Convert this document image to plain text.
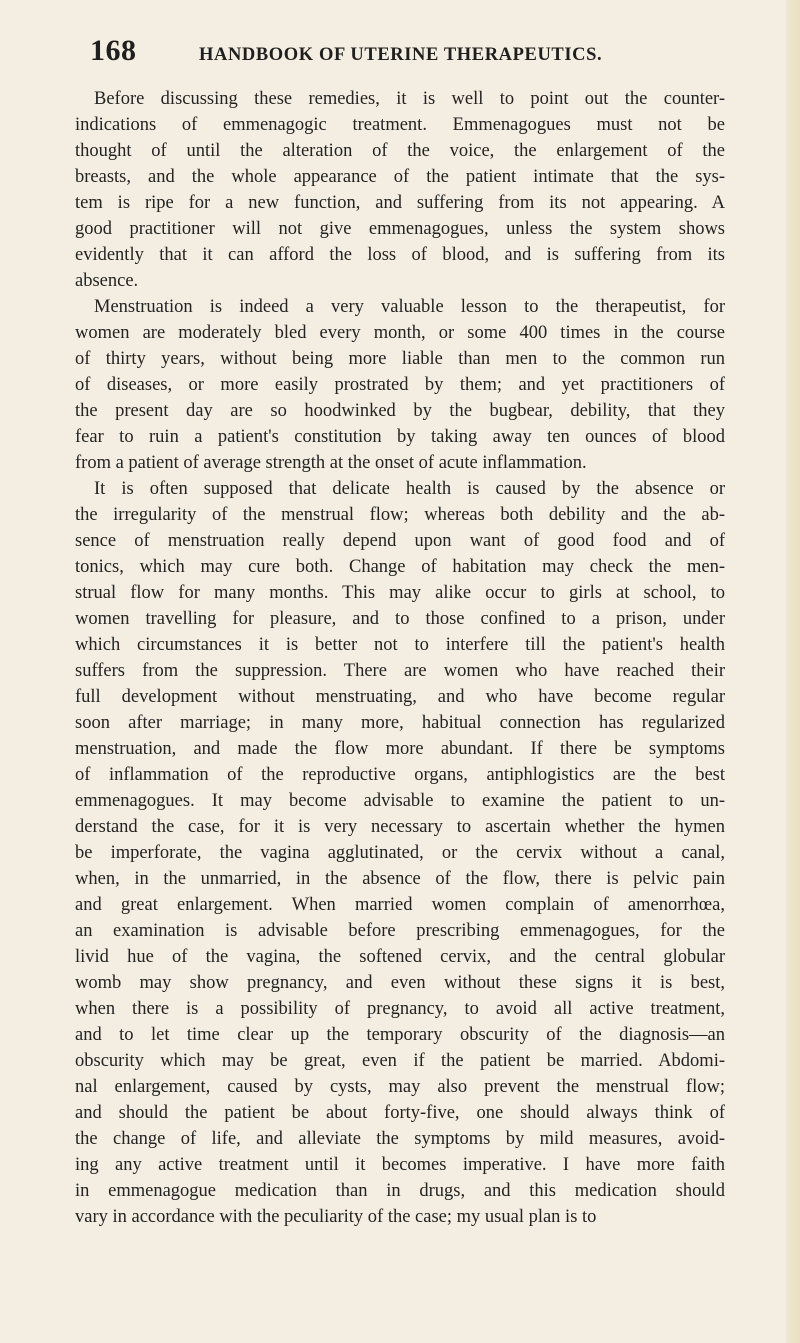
168	HANDBOOK OF UTERINE THERAPEUTICS.
Before discussing these remedies, it is well to point out the counter-
indications of emmenagogic treatment. Emmenagogues must not be
thought of until the alteration of the voice, the enlargement of the
breasts, and the whole appearance of the patient intimate that the sys-
tem is ripe for a new function, and suffering from its not appearing. A
good practitioner will not give emmenagogues, unless the system shows
evidently that it can afford the loss of blood, and is suffering from its
absence.
Menstruation is indeed a very valuable lesson to the therapeutist, for
women are moderately bled every month, or some 400 times in the course
of thirty years, without being more liable than men to the common run
of diseases, or more easily prostrated by them; and yet practitioners of
the present day are so hoodwinked by the bugbear, debility, that they
fear to ruin a patient's constitution by taking away ten ounces of blood
from a patient of average strength at the onset of acute inflammation.
It is often supposed that delicate health is caused by the absence or
the irregularity of the menstrual flow; whereas both debility and the ab-
sence of menstruation really depend upon want of good food and of
tonics, which may cure both. Change of habitation may check the men-
strual flow for many months. This may alike occur to girls at school, to
women travelling for pleasure, and to those confined to a prison, under
which circumstances it is better not to interfere till the patient's health
suffers from the suppression. There are women who have reached their
full development without menstruating, and who have become regular
soon after marriage; in many more, habitual connection has regularized
menstruation, and made the flow more abundant. If there be symptoms
of inflammation of the reproductive organs, antiphlogistics are the best
emmenagogues. It may become advisable to examine the patient to un-
derstand the case, for it is very necessary to ascertain whether the hymen
be imperforate, the vagina agglutinated, or the cervix without a canal,
when, in the unmarried, in the absence of the flow, there is pelvic pain
and great enlargement. When married women complain of amenorrhœa,
an examination is advisable before prescribing emmenagogues, for the
livid hue of the vagina, the softened cervix, and the central globular
womb may show pregnancy, and even without these signs it is best,
when there is a possibility of pregnancy, to avoid all active treatment,
and to let time clear up the temporary obscurity of the diagnosis—an
obscurity which may be great, even if the patient be married. Abdomi-
nal enlargement, caused by cysts, may also prevent the menstrual flow;
and should the patient be about forty-five, one should always think of
the change of life, and alleviate the symptoms by mild measures, avoid-
ing any active treatment until it becomes imperative. I have more faith
in emmenagogue medication than in drugs, and this medication should
vary in accordance with the peculiarity of the case; my usual plan is to
